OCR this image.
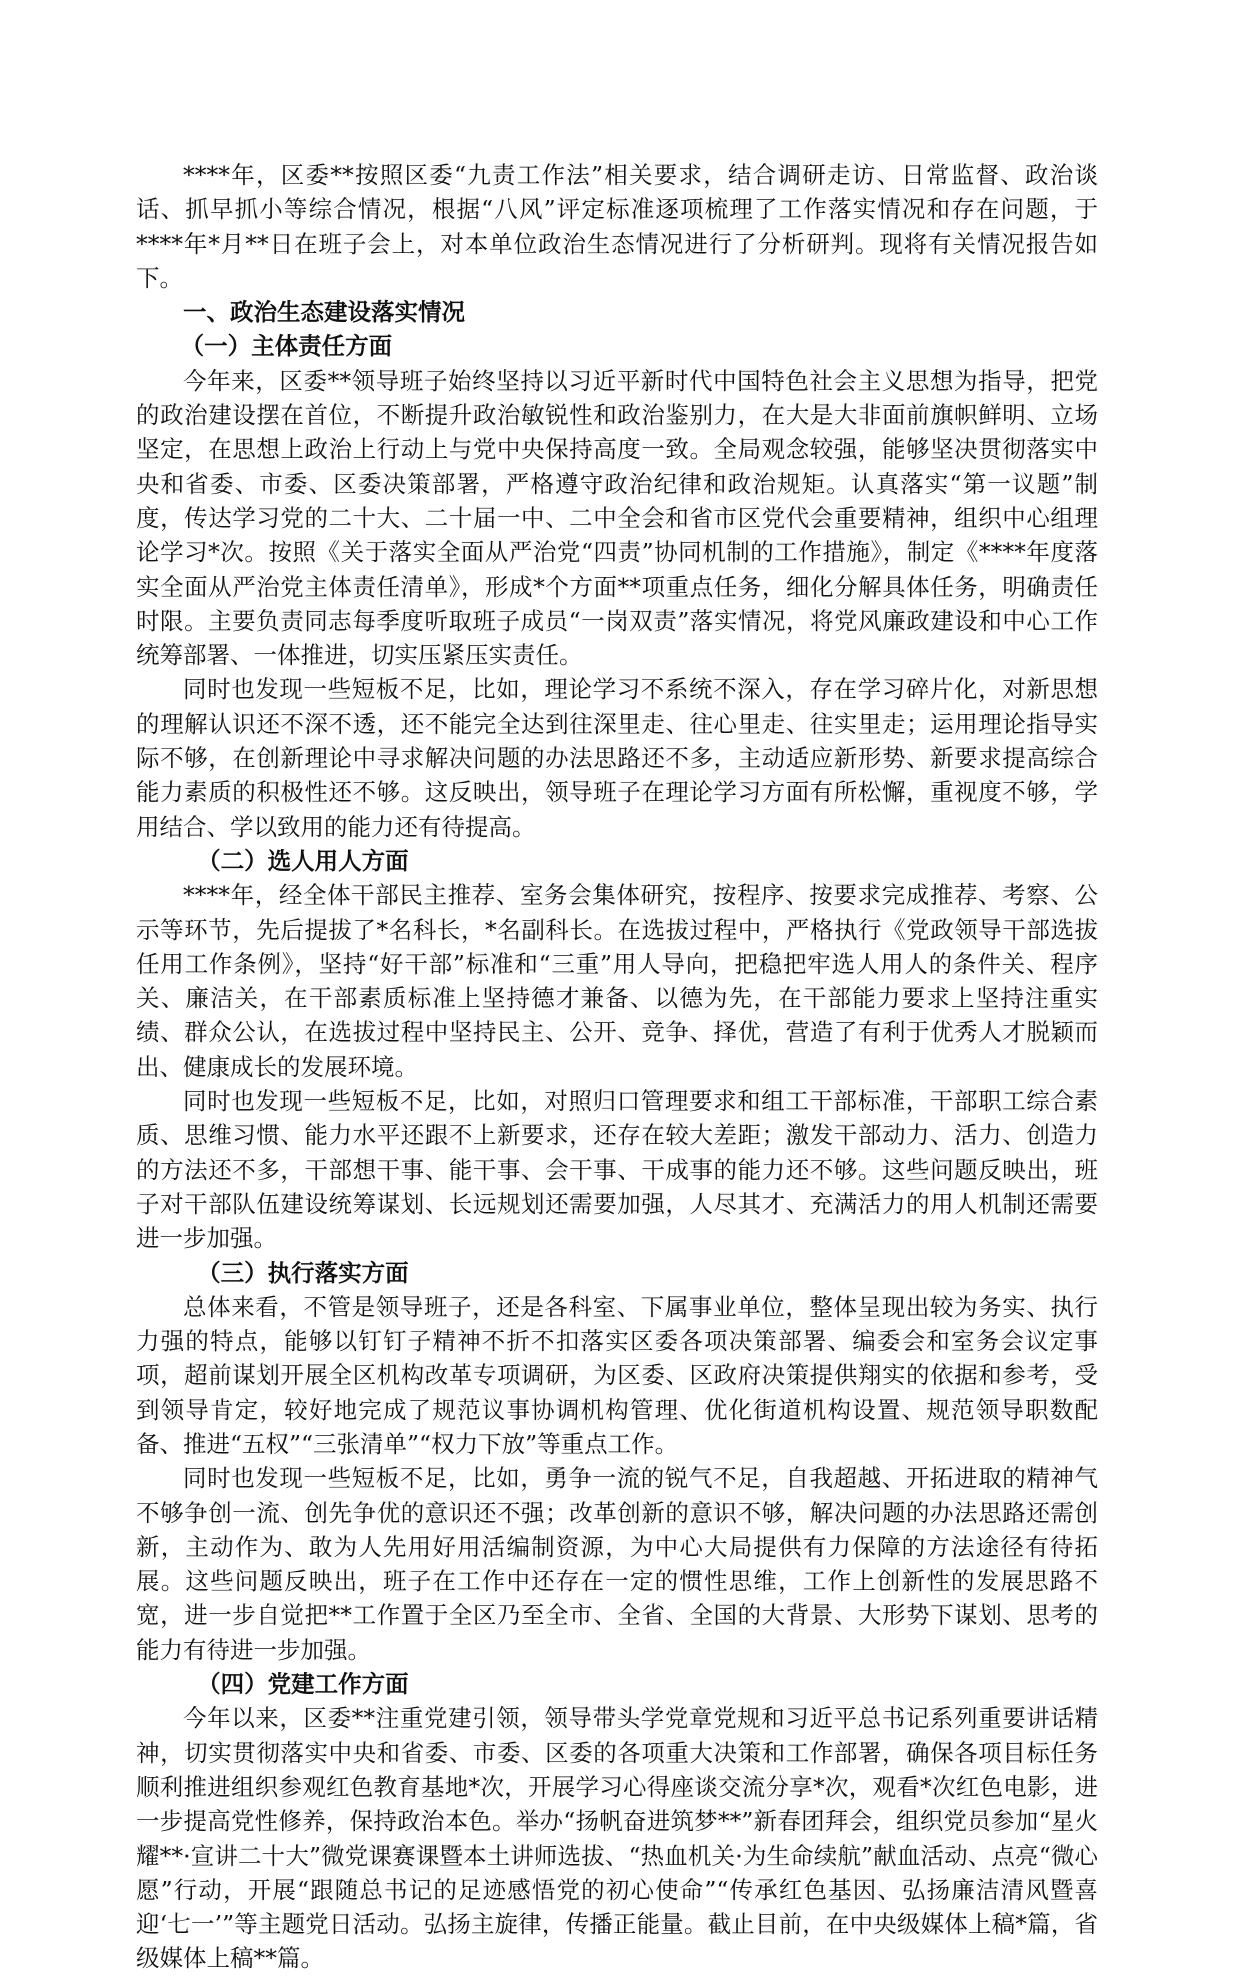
****年，区委**按照区委“九责工作法”相关要求，结合调研走访、日常监督、政治谈话、抓早抓小等综合情况，根据“八风”评定标准逐项梳理了工作落实情况和存在问题，于****年*月**日在班子会上，对本单位政治生态情况进行了分析研判。现将有关情况报告如下。

一、政治生态建设落实情况
（一）主体责任方面

今年来，区委**领导班子始终坚持以习近平新时代中国特色社会主义思想为指导，把党的政治建设摆在首位，不断提升政治敏锐性和政治鉴别力，在大是大非面前旗帜鲜明、立场坚定，在思想上政治上行动上与党中央保持高度一致。全局观念较强，能够坚决贯彻落实中央和省委、市委、区委决策部署，严格遵守政治纪律和政治规矩。认真落实“第一议题”制度，传达学习党的二十大、二十届一中、二中全会和省市区党代会重要精神，组织中心组理论学习*次。按照《关于落实全面从严治党“四责”协同机制的工作措施》，制定《****年度落实全面从严治党主体责任清单》，形成*个方面**项重点任务，细化分解具体任务，明确责任时限。主要负责同志每季度听取班子成员“一岗双责”落实情况，将党风廉政建设和中心工作统筹部署、一体推进，切实压紧压实责任。

同时也发现一些短板不足，比如，理论学习不系统不深入，存在学习碎片化，对新思想的理解认识还不深不透，还不能完全达到往深里走、往心里走、往实里走；运用理论指导实际不够，在创新理论中寻求解决问题的办法思路还不多，主动适应新形势、新要求提高综合能力素质的积极性还不够。这反映出，领导班子在理论学习方面有所松懈，重视度不够，学用结合、学以致用的能力还有待提高。

（二）选人用人方面

****年，经全体干部民主推荐、室务会集体研究，按程序、按要求完成推荐、考察、公示等环节，先后提拔了*名科长，*名副科长。在选拔过程中，严格执行《党政领导干部选拔任用工作条例》，坚持“好干部”标准和“三重”用人导向，把稳把牢选人用人的条件关、程序关、廉洁关，在干部素质标准上坚持德才兼备、以德为先，在干部能力要求上坚持注重实绩、群众公认，在选拔过程中坚持民主、公开、竞争、择优，营造了有利于优秀人才脱颖而出、健康成长的发展环境。

同时也发现一些短板不足，比如，对照归口管理要求和组工干部标准，干部职工综合素质、思维习惯、能力水平还跟不上新要求，还存在较大差距；激发干部动力、活力、创造力的方法还不多，干部想干事、能干事、会干事、干成事的能力还不够。这些问题反映出，班子对干部队伍建设统筹谋划、长远规划还需要加强，人尽其才、充满活力的用人机制还需要进一步加强。

（三）执行落实方面

总体来看，不管是领导班子，还是各科室、下属事业单位，整体呈现出较为务实、执行力强的特点，能够以钉钉子精神不折不扣落实区委各项决策部署、编委会和室务会议定事项，超前谋划开展全区机构改革专项调研，为区委、区政府决策提供翔实的依据和参考，受到领导肯定，较好地完成了规范议事协调机构管理、优化街道机构设置、规范领导职数配备、推进“五权”“三张清单”“权力下放”等重点工作。

同时也发现一些短板不足，比如，勇争一流的锐气不足，自我超越、开拓进取的精神气不够争创一流、创先争优的意识还不强；改革创新的意识不够，解决问题的办法思路还需创新，主动作为、敢为人先用好用活编制资源，为中心大局提供有力保障的方法途径有待拓展。这些问题反映出，班子在工作中还存在一定的惯性思维，工作上创新性的发展思路不宽，进一步自觉把**工作置于全区乃至全市、全省、全国的大背景、大形势下谋划、思考的能力有待进一步加强。

（四）党建工作方面

今年以来，区委**注重党建引领，领导带头学党章党规和习近平总书记系列重要讲话精神，切实贯彻落实中央和省委、市委、区委的各项重大决策和工作部署，确保各项目标任务顺利推进组织参观红色教育基地*次，开展学习心得座谈交流分享*次，观看*次红色电影，进一步提高党性修养，保持政治本色。举办“扬帆奋进筑梦**”新春团拜会，组织党员参加“星火耀**·宣讲二十大”微党课赛课暨本土讲师选拔、“热血机关·为生命续航”献血活动、点亮“微心愿”行动，开展“跟随总书记的足迹感悟党的初心使命”“传承红色基因、弘扬廉洁清风暨喜迎‘七一’”等主题党日活动。弘扬主旋律，传播正能量。截止目前，在中央级媒体上稿*篇，省级媒体上稿**篇。
